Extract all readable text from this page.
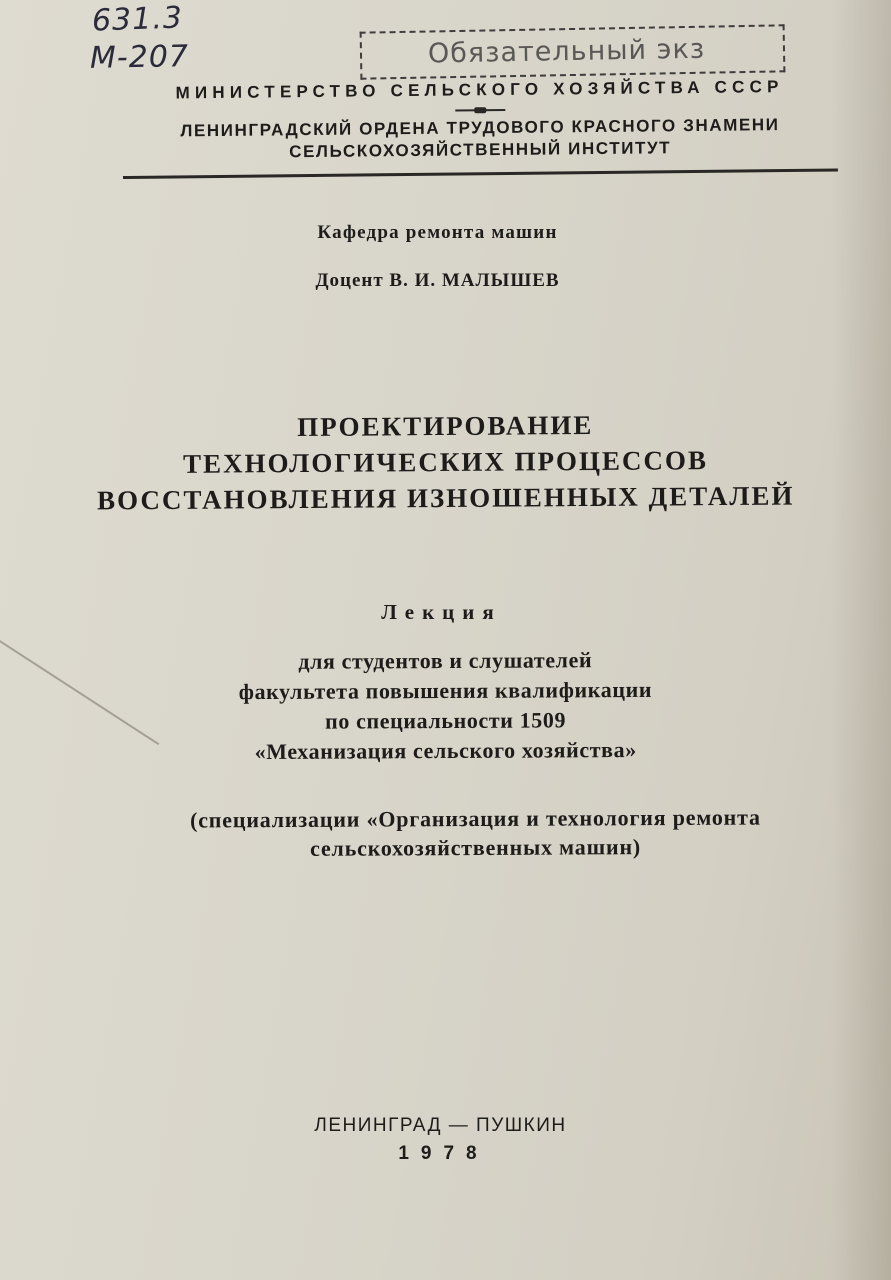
631.3
М-207	Обязательный экз

МИНИСТЕРСТВО СЕЛЬСКОГО ХОЗЯЙСТВА СССР

ЛЕНИНГРАДСКИЙ ОРДЕНА ТРУДОВОГО КРАСНОГО ЗНАМЕНИ

СЕЛЬСКОХОЗЯЙСТВЕННЫЙ ИНСТИТУТ

Кафедра ремонта машин
Доцент В. И. МАЛЫШЕВ
ПРОЕКТИРОВАНИЕ
ТЕХНОЛОГИЧЕСКИХ ПРОЦЕССОВ
ВОССТАНОВЛЕНИЯ ИЗНОШЕННЫХ ДЕТАЛЕЙ
Лекция
для студентов и слушателей
факультета повышения квалификации
по специальности 1509
«Механизация сельского хозяйства»
(специализации «Организация и технология ремонта
сельскохозяйственных машин)
ЛЕНИНГРАД — ПУШКИН
1978
